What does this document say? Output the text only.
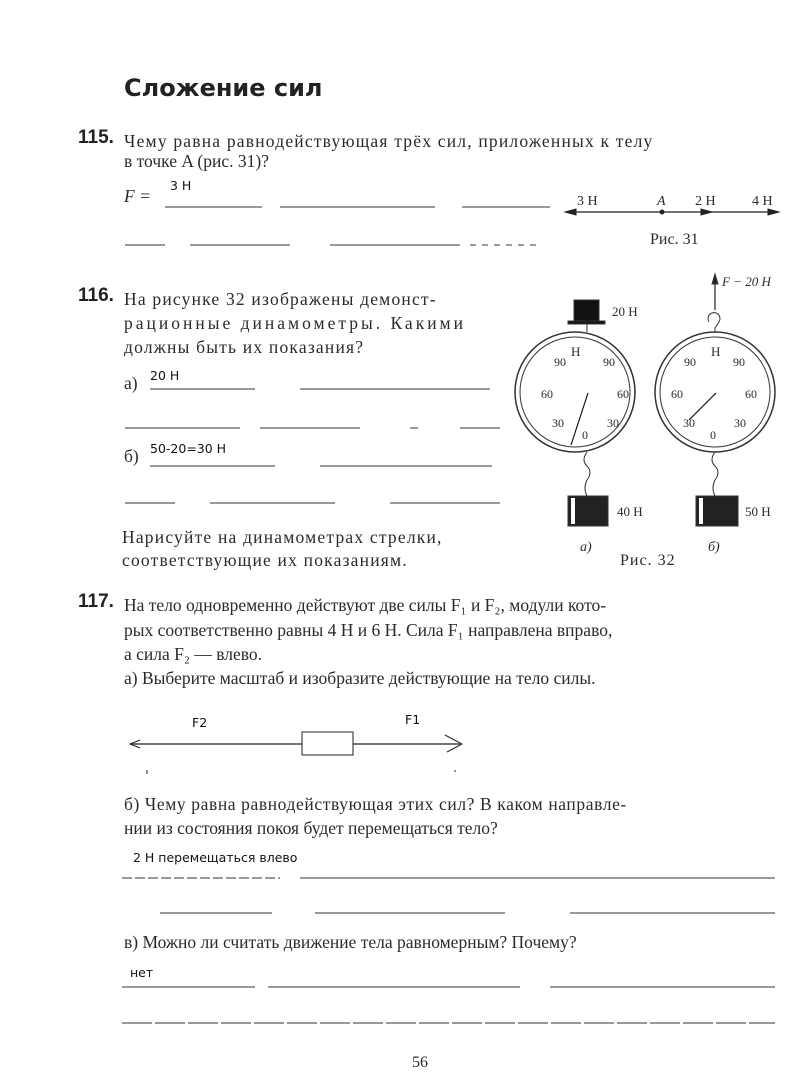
Сложение сил
115. Чему равна равнодействующая трёх сил, приложенных к телу
в точке A (рис. 31)?
F =
3 Н
3 Н	A 2 Н	4 Н
Рис. 31
116. На рисунке 32 изображены демонст-
рационные динамометры. Какими
должны быть их показания?
а) 20 Н
б) 50-20=30 Н
Нарисуйте на динамометрах стрелки,
соответствующие их показаниям.
20 Н
Н
90	90
60	60
30	30
0
40 Н
а)
F − 20 Н
Н
90	90
60	60
30	30
0
50 Н
б)
Рис. 32
117. На тело одновременно действуют две силы F₁ и F₂, модули кото-
рых соответственно равны 4 Н и 6 Н. Сила F₁ направлена вправо,
а сила F₂ — влево.
а) Выберите масштаб и изобразите действующие на тело силы.
F2	F1
б) Чему равна равнодействующая этих сил? В каком направле-
нии из состояния покоя будет перемещаться тело?
2 Н перемещаться влево
в) Можно ли считать движение тела равномерным? Почему?
нет
56
